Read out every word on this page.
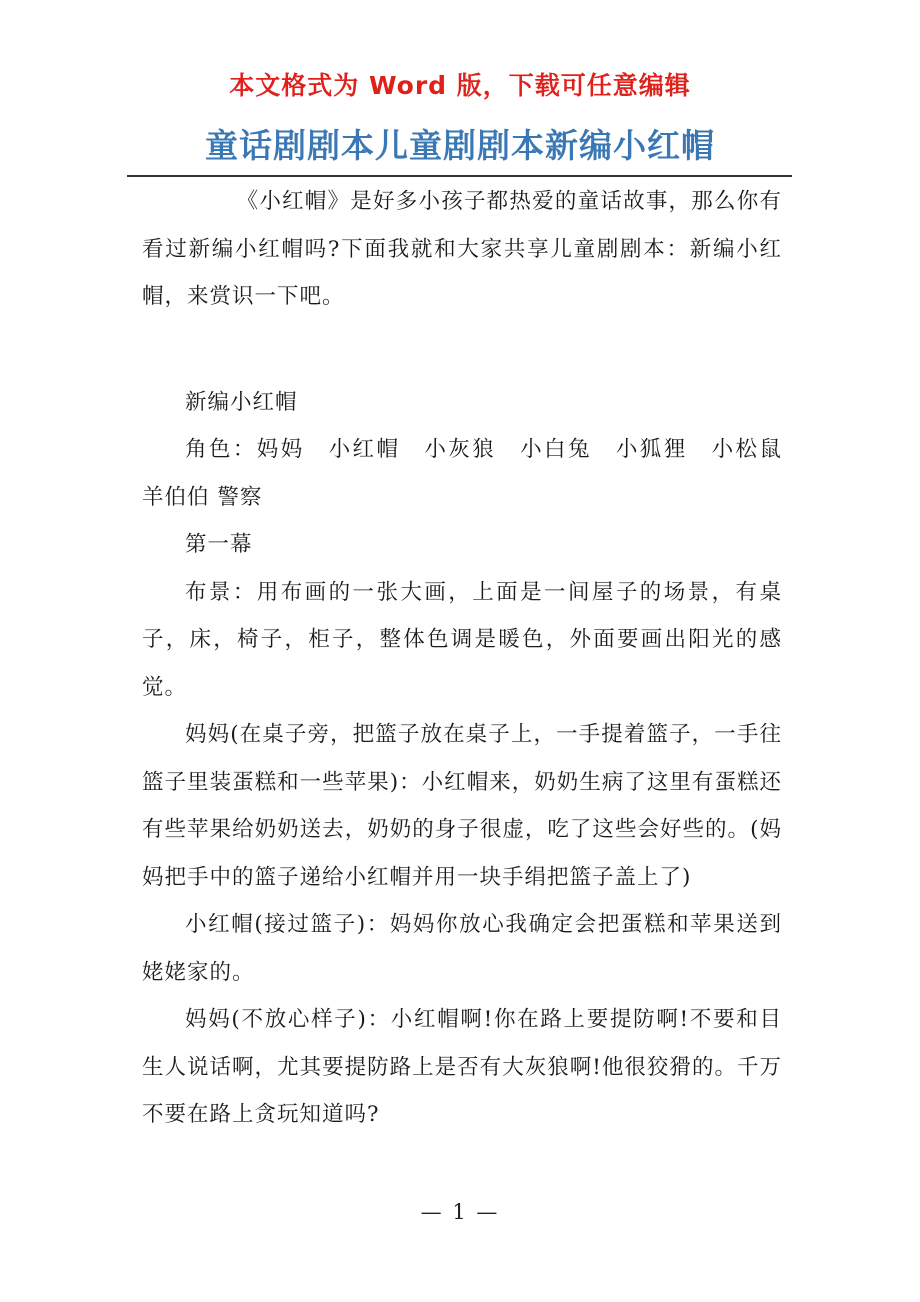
本文格式为 Word 版，下载可任意编辑
童话剧剧本儿童剧剧本新编小红帽

《小红帽》是好多小孩子都热爱的童话故事，那么你有看过新编小红帽吗?下面我就和大家共享儿童剧剧本：新编小红帽，来赏识一下吧。

新编小红帽

角色：妈妈　小红帽　小灰狼　小白兔　小狐狸　小松鼠　羊伯伯 警察

第一幕

布景：用布画的一张大画，上面是一间屋子的场景，有桌子，床，椅子，柜子，整体色调是暖色，外面要画出阳光的感觉。

妈妈(在桌子旁，把篮子放在桌子上，一手提着篮子，一手往篮子里装蛋糕和一些苹果)：小红帽来，奶奶生病了这里有蛋糕还有些苹果给奶奶送去，奶奶的身子很虚，吃了这些会好些的。(妈妈把手中的篮子递给小红帽并用一块手绢把篮子盖上了)

小红帽(接过篮子)：妈妈你放心我确定会把蛋糕和苹果送到姥姥家的。

妈妈(不放心样子)：小红帽啊!你在路上要提防啊!不要和目生人说话啊，尤其要提防路上是否有大灰狼啊!他很狡猾的。千万不要在路上贪玩知道吗?

— 1 —
